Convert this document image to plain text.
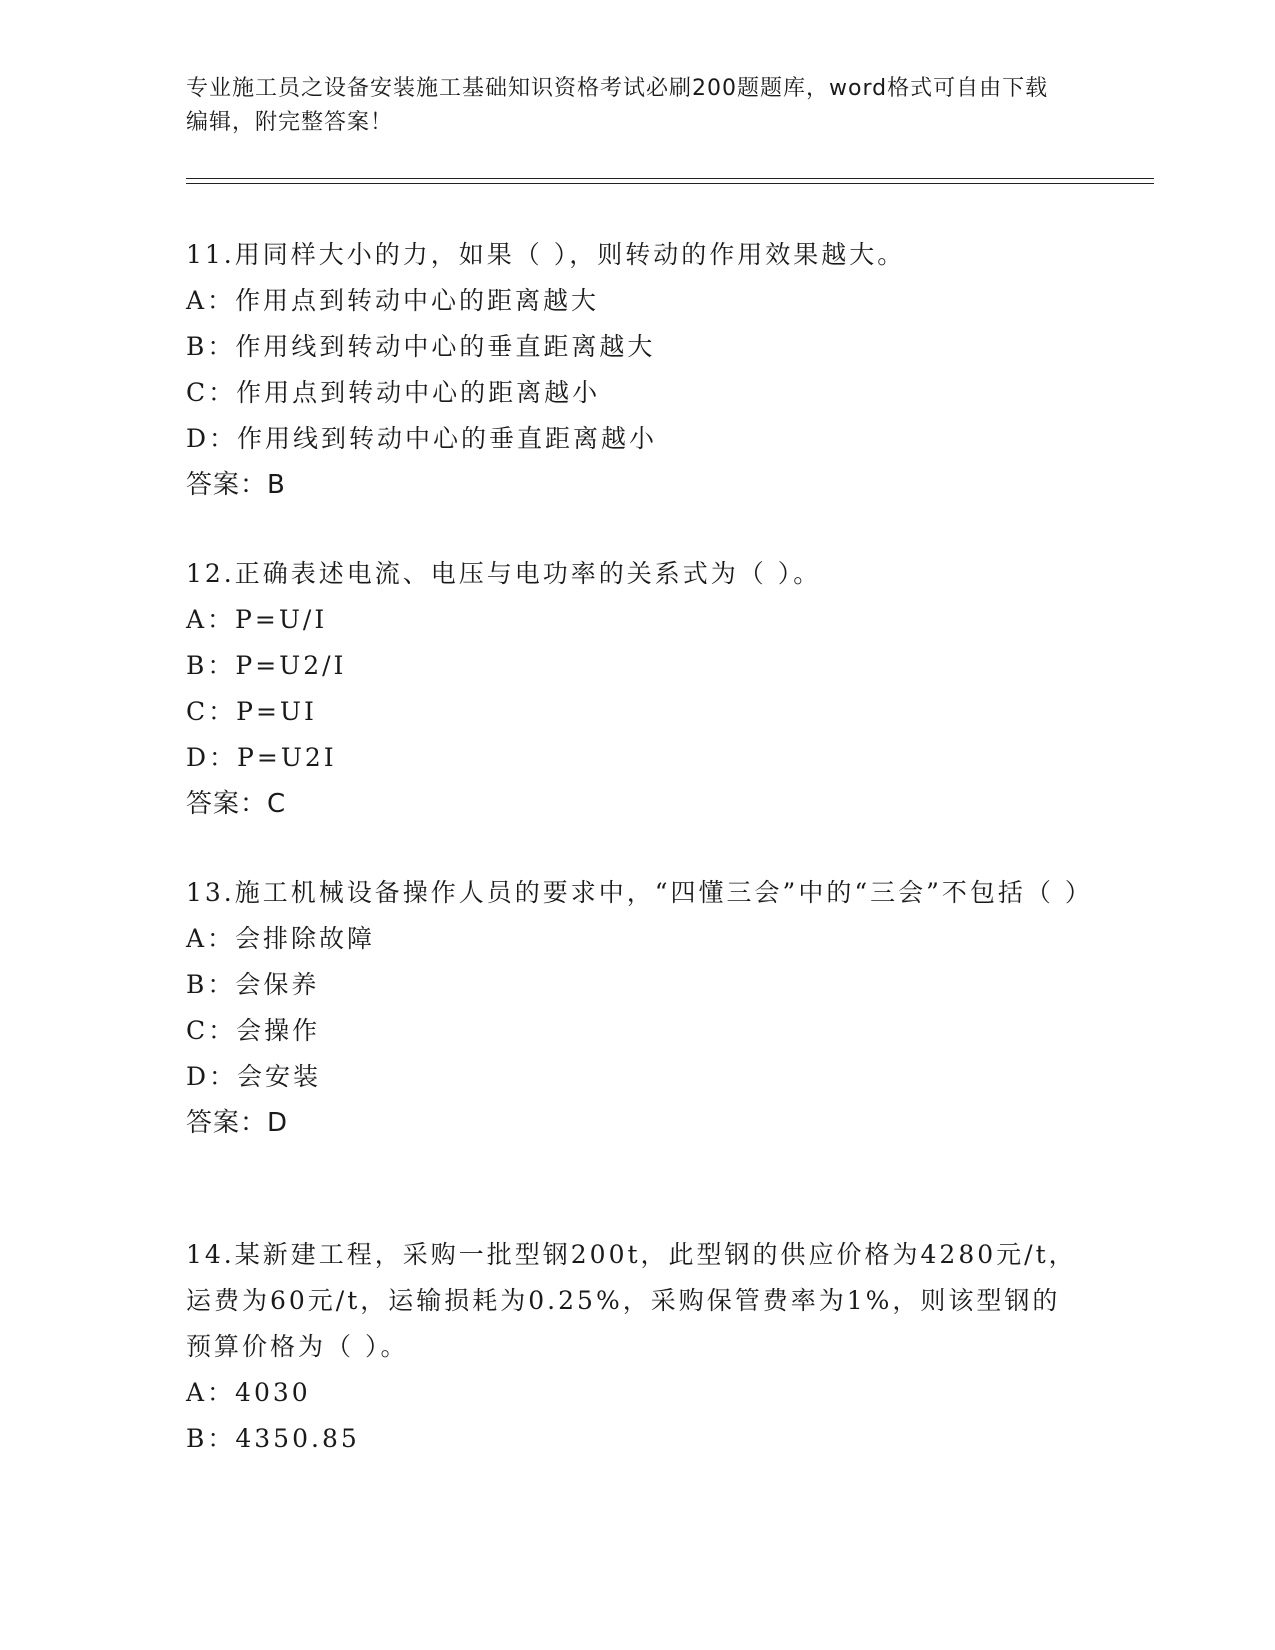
专业施工员之设备安装施工基础知识资格考试必刷200题题库，word格式可自由下载编辑，附完整答案！
11.用同样大小的力，如果（ ），则转动的作用效果越大。
A：作用点到转动中心的距离越大
B：作用线到转动中心的垂直距离越大
C：作用点到转动中心的距离越小
D：作用线到转动中心的垂直距离越小
答案：B
12.正确表述电流、电压与电功率的关系式为（ ）。
A：P=U/I
B：P=U2/I
C：P=UI
D：P=U2I
答案：C
13.施工机械设备操作人员的要求中，“四懂三会”中的“三会”不包括（ ）
A：会排除故障
B：会保养
C：会操作
D：会安装
答案：D
14.某新建工程，采购一批型钢200t，此型钢的供应价格为4280元/t，运费为60元/t，运输损耗为0.25%，采购保管费率为1%，则该型钢的预算价格为（ ）。
A：4030
B：4350.85
